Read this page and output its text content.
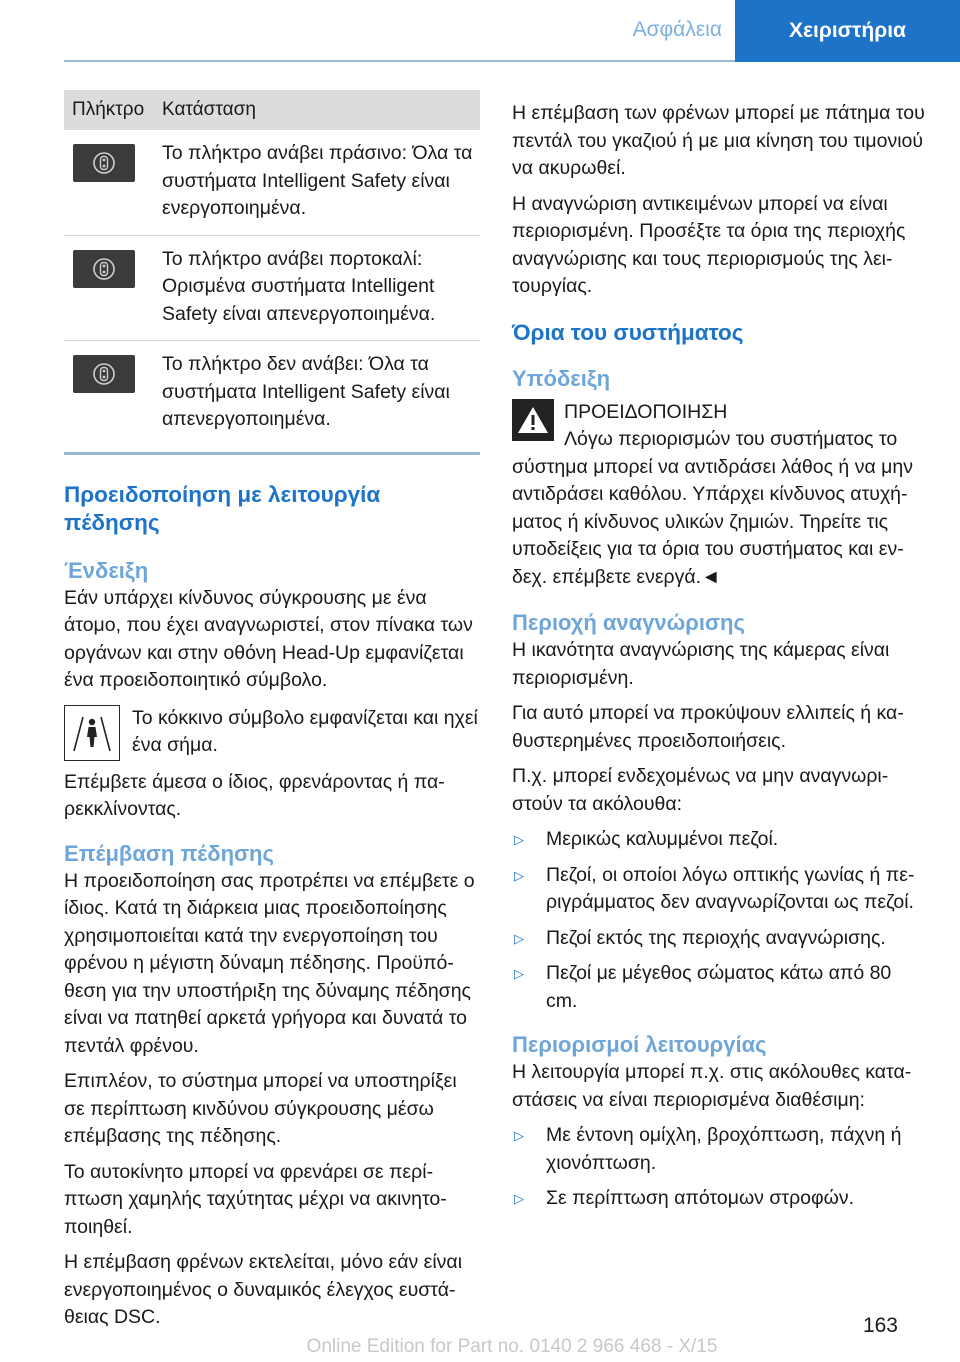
Ασφάλεια	Χειριστήρια
Πλήκτρο Κατάσταση
Το πλήκτρο ανάβει πράσινο: Όλα τα συστήματα Intelligent Safety είναι ενεργοποιημένα.
Το πλήκτρο ανάβει πορτοκαλί: Ορισμένα συστήματα Intelligent Safety είναι απενεργοποιημένα.
Το πλήκτρο δεν ανάβει: Όλα τα συστήματα Intelligent Safety είναι απενεργοποιημένα.
Προειδοποίηση με λειτουργία πέδησης
Ένδειξη
Εάν υπάρχει κίνδυνος σύγκρουσης με ένα άτομο, που έχει αναγνωριστεί, στον πίνακα των οργάνων και στην οθόνη Head-Up εμφανίζεται ένα προειδοποιητικό σύμβολο.
Το κόκκινο σύμβολο εμφανίζεται και ηχεί ένα σήμα.
Επέμβετε άμεσα ο ίδιος, φρενάροντας ή παρεκκλίνοντας.
Επέμβαση πέδησης
Η προειδοποίηση σας προτρέπει να επέμβετε ο ίδιος. Κατά τη διάρκεια μιας προειδοποίησης χρησιμοποιείται κατά την ενεργοποίηση του φρένου η μέγιστη δύναμη πέδησης. Προϋπόθεση για την υποστήριξη της δύναμης πέδησης είναι να πατηθεί αρκετά γρήγορα και δυνατά το πεντάλ φρένου.
Επιπλέον, το σύστημα μπορεί να υποστηρίξει σε περίπτωση κινδύνου σύγκρουσης μέσω επέμβασης της πέδησης.
Το αυτοκίνητο μπορεί να φρενάρει σε περίπτωση χαμηλής ταχύτητας μέχρι να ακινητοποιηθεί.
Η επέμβαση φρένων εκτελείται, μόνο εάν είναι ενεργοποιημένος ο δυναμικός έλεγχος ευστάθειας DSC.
Η επέμβαση των φρένων μπορεί με πάτημα του πεντάλ του γκαζιού ή με μια κίνηση του τιμονιού να ακυρωθεί.
Η αναγνώριση αντικειμένων μπορεί να είναι περιορισμένη. Προσέξτε τα όρια της περιοχής αναγνώρισης και τους περιορισμούς της λειτουργίας.
Όρια του συστήματος
Υπόδειξη
ΠΡΟΕΙΔΟΠΟΙΗΣΗ
Λόγω περιορισμών του συστήματος το
σύστημα μπορεί να αντιδράσει λάθος ή να μην αντιδράσει καθόλου. Υπάρχει κίνδυνος ατυχήματος ή κίνδυνος υλικών ζημιών. Τηρείτε τις υποδείξεις για τα όρια του συστήματος και ενδεχ. επέμβετε ενεργά.◄
Περιοχή αναγνώρισης
Η ικανότητα αναγνώρισης της κάμερας είναι περιορισμένη.
Για αυτό μπορεί να προκύψουν ελλιπείς ή καθυστερημένες προειδοποιήσεις.
Π.χ. μπορεί ενδεχομένως να μην αναγνωριστούν τα ακόλουθα:
▷ Μερικώς καλυμμένοι πεζοί.
▷ Πεζοί, οι οποίοι λόγω οπτικής γωνίας ή περιγράμματος δεν αναγνωρίζονται ως πεζοί.
▷ Πεζοί εκτός της περιοχής αναγνώρισης.
▷ Πεζοί με μέγεθος σώματος κάτω από 80 cm.
Περιορισμοί λειτουργίας
Η λειτουργία μπορεί π.χ. στις ακόλουθες καταστάσεις να είναι περιορισμένα διαθέσιμη:
▷ Με έντονη ομίχλη, βροχόπτωση, πάχνη ή χιονόπτωση.
▷ Σε περίπτωση απότομων στροφών.
163
Online Edition for Part no. 0140 2 966 468 - X/15
